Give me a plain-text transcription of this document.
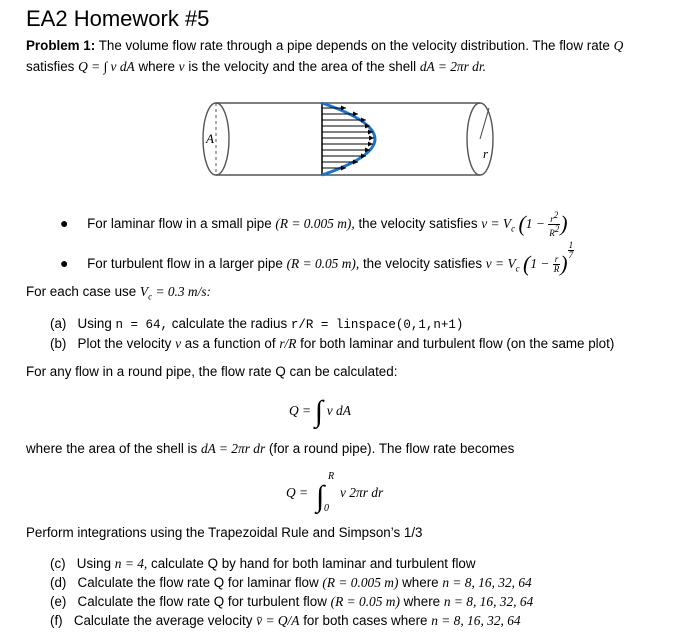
EA2 Homework #5
Problem 1: The volume flow rate through a pipe depends on the velocity distribution. The flow rate Q
satisfies Q = ∫ v dA where v is the velocity and the area of the shell dA = 2πr dr.
A
r
● For laminar flow in a small pipe (R = 0.005 m), the velocity satisfies $v = V_c$ ($1 - \frac{r^2}{R^2}$ )
● For turbulent flow in a larger pipe (R = 0.05 m), the velocity satisfies $v = V_c$ ($1 - \frac{r}{R}$ )
$\frac{1}{7}$
For each case use $V_c = 0.3$ m/s:
(a) Using n = 64, calculate the radius r/R = linspace(0,1,n+1)
(b) Plot the velocity v as a function of r/R for both laminar and turbulent flow (on the same plot)
For any flow in a round pipe, the flow rate Q can be calculated:
Q = ∫ v dA
where the area of the shell is dA = 2πr dr (for a round pipe). The flow rate becomes
Q = ∫
R
0
v 2πr dr
Perform integrations using the Trapezoidal Rule and Simpson’s 1/3
(c) Using n = 4, calculate Q by hand for both laminar and turbulent flow
(d) Calculate the flow rate Q for laminar flow (R = 0.005 m) where n = 8, 16, 32, 64
(e) Calculate the flow rate Q for turbulent flow (R = 0.05 m) where n = 8, 16, 32, 64
(f) Calculate the average velocity v̄ = Q/A for both cases where n = 8, 16, 32, 64
